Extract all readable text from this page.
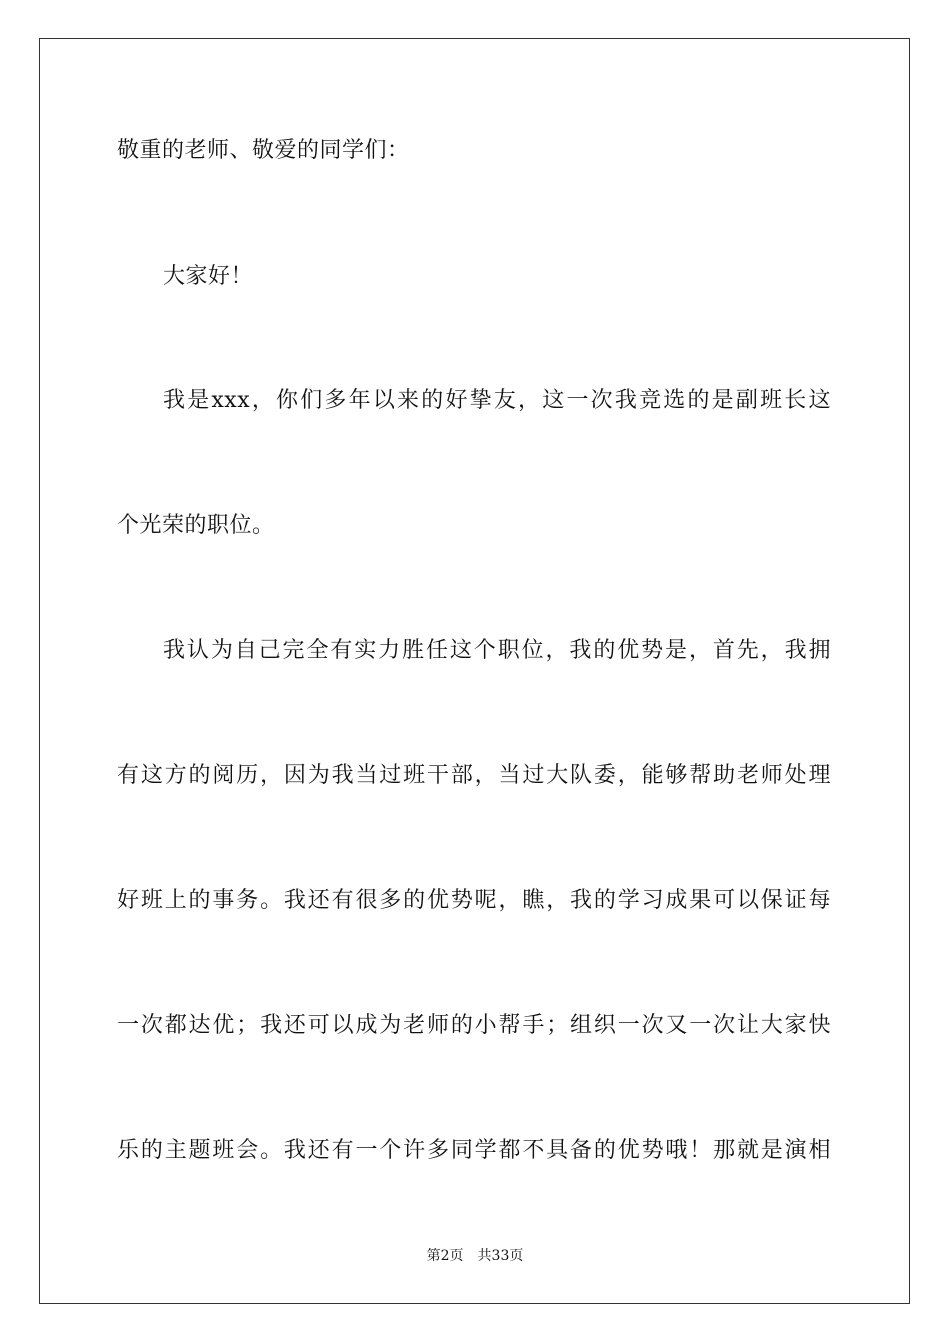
敬重的老师、敬爱的同学们：
大家好！
我是xxx，你们多年以来的好挚友，这一次我竞选的是副班长这
个光荣的职位。
我认为自己完全有实力胜任这个职位，我的优势是，首先，我拥
有这方的阅历，因为我当过班干部，当过大队委，能够帮助老师处理
好班上的事务。我还有很多的优势呢，瞧，我的学习成果可以保证每
一次都达优；我还可以成为老师的小帮手；组织一次又一次让大家快
乐的主题班会。我还有一个许多同学都不具备的优势哦！那就是演相
第2页 共33页
